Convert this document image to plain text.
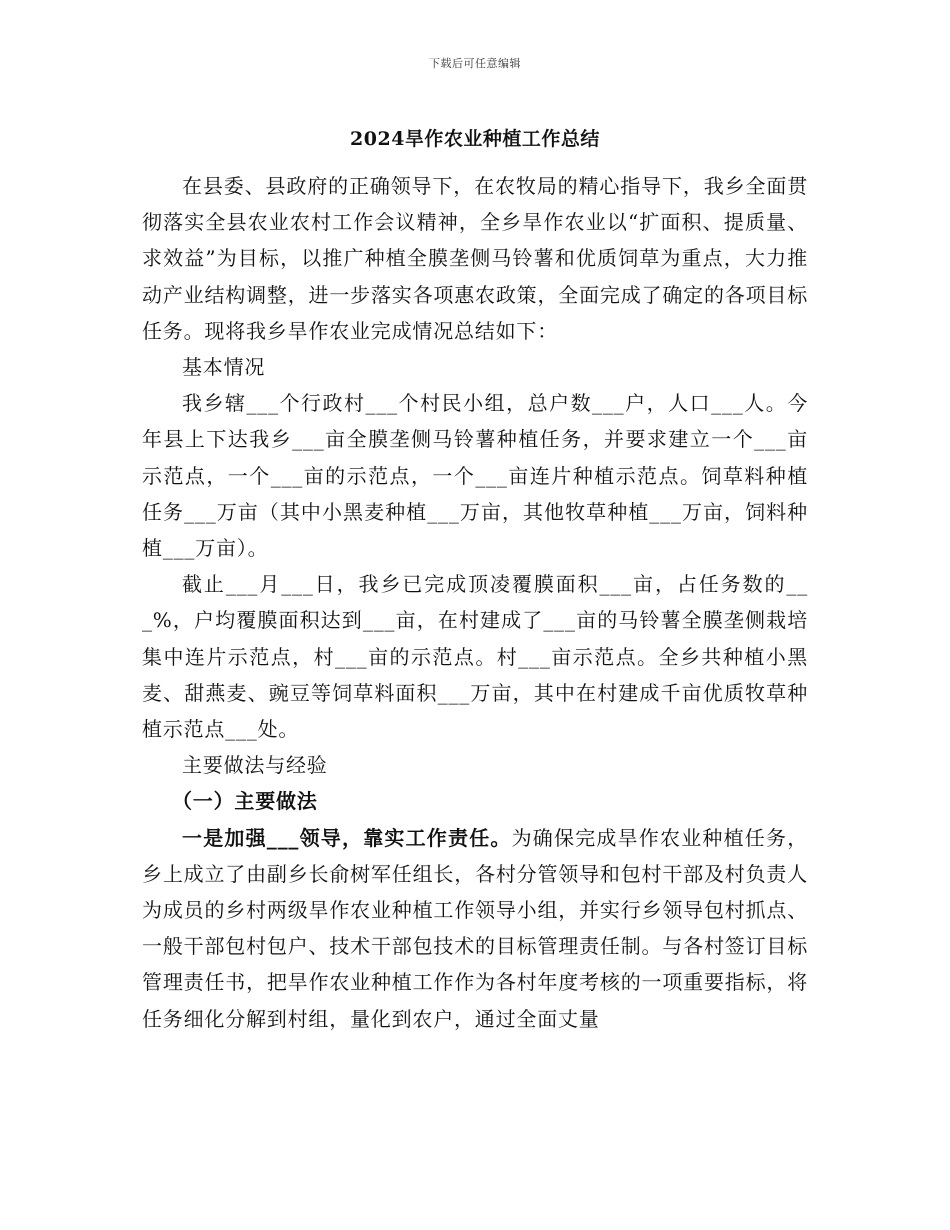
下载后可任意编辑
2024旱作农业种植工作总结

在县委、县政府的正确领导下，在农牧局的精心指导下，我乡全面贯彻落实全县农业农村工作会议精神，全乡旱作农业以“扩面积、提质量、求效益”为目标，以推广种植全膜垄侧马铃薯和优质饲草为重点，大力推动产业结构调整，进一步落实各项惠农政策，全面完成了确定的各项目标任务。现将我乡旱作农业完成情况总结如下：

基本情况

我乡辖___个行政村___个村民小组，总户数___户，人口___人。今年县上下达我乡___亩全膜垄侧马铃薯种植任务，并要求建立一个___亩示范点，一个___亩的示范点，一个___亩连片种植示范点。饲草料种植任务___万亩（其中小黑麦种植___万亩，其他牧草种植___万亩，饲料种植___万亩）。

截止___月___日，我乡已完成顶凌覆膜面积___亩，占任务数的___%，户均覆膜面积达到___亩，在村建成了___亩的马铃薯全膜垄侧栽培集中连片示范点，村___亩的示范点。村___亩示范点。全乡共种植小黑麦、甜燕麦、豌豆等饲草料面积___万亩，其中在村建成千亩优质牧草种植示范点___处。

主要做法与经验

（一）主要做法

一是加强___领导，靠实工作责任。为确保完成旱作农业种植任务，乡上成立了由副乡长俞树军任组长，各村分管领导和包村干部及村负责人为成员的乡村两级旱作农业种植工作领导小组，并实行乡领导包村抓点、一般干部包村包户、技术干部包技术的目标管理责任制。与各村签订目标管理责任书，把旱作农业种植工作作为各村年度考核的一项重要指标，将任务细化分解到村组，量化到农户，通过全面丈量
